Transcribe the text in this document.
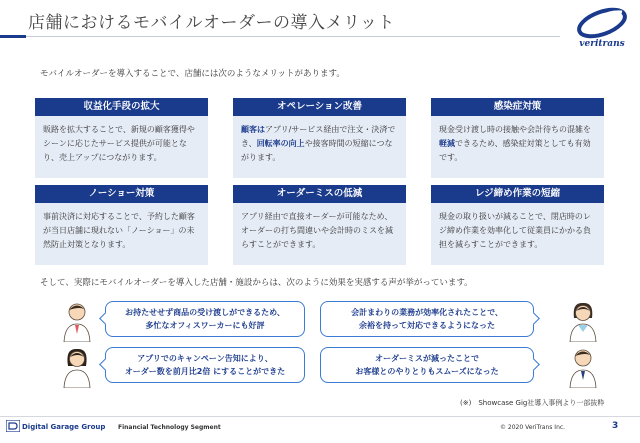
店舗におけるモバイルオーダーの導入メリット
veritrans
モバイルオーダーを導入することで、店舗には次のようなメリットがあります。
収益化手段の拡大
販路を拡大することで、新規の顧客獲得やシーンに応じたサービス提供が可能となり、売上アップにつながります。
オペレーション改善
顧客はアプリ/サービス経由で注文・決済でき、回転率の向上や接客時間の短縮につながります。
感染症対策
現金受け渡し時の接触や会計待ちの混雑を軽減できるため、感染症対策としても有効です。
ノーショー対策
事前決済に対応することで、予約した顧客が当日店舗に現れない「ノーショー」の未然防止対策となります。
オーダーミスの低減
アプリ経由で直接オーダーが可能なため、オーダーの打ち間違いや会計時のミスを減らすことができます。
レジ締め作業の短縮
現金の取り扱いが減ることで、閉店時のレジ締め作業を効率化して従業員にかかる負担を減らすことができます。
そして、実際にモバイルオーダーを導入した店舗・施設からは、次のように効果を実感する声が挙がっています。
お持たせせず商品の受け渡しができるため、
多忙なオフィスワーカーにも好評
会計まわりの業務が効率化されたことで、
余裕を持って対応できるようになった
アプリでのキャンペーン告知により、
オーダー数を前月比2倍 にすることができた
オーダーミスが減ったことで
お客様とのやりとりもスムーズになった
(※)　Showcase Gig社導入事例より一部抜粋
Digital Garage Group Financial Technology Segment	© 2020 VeriTrans Inc.	3
